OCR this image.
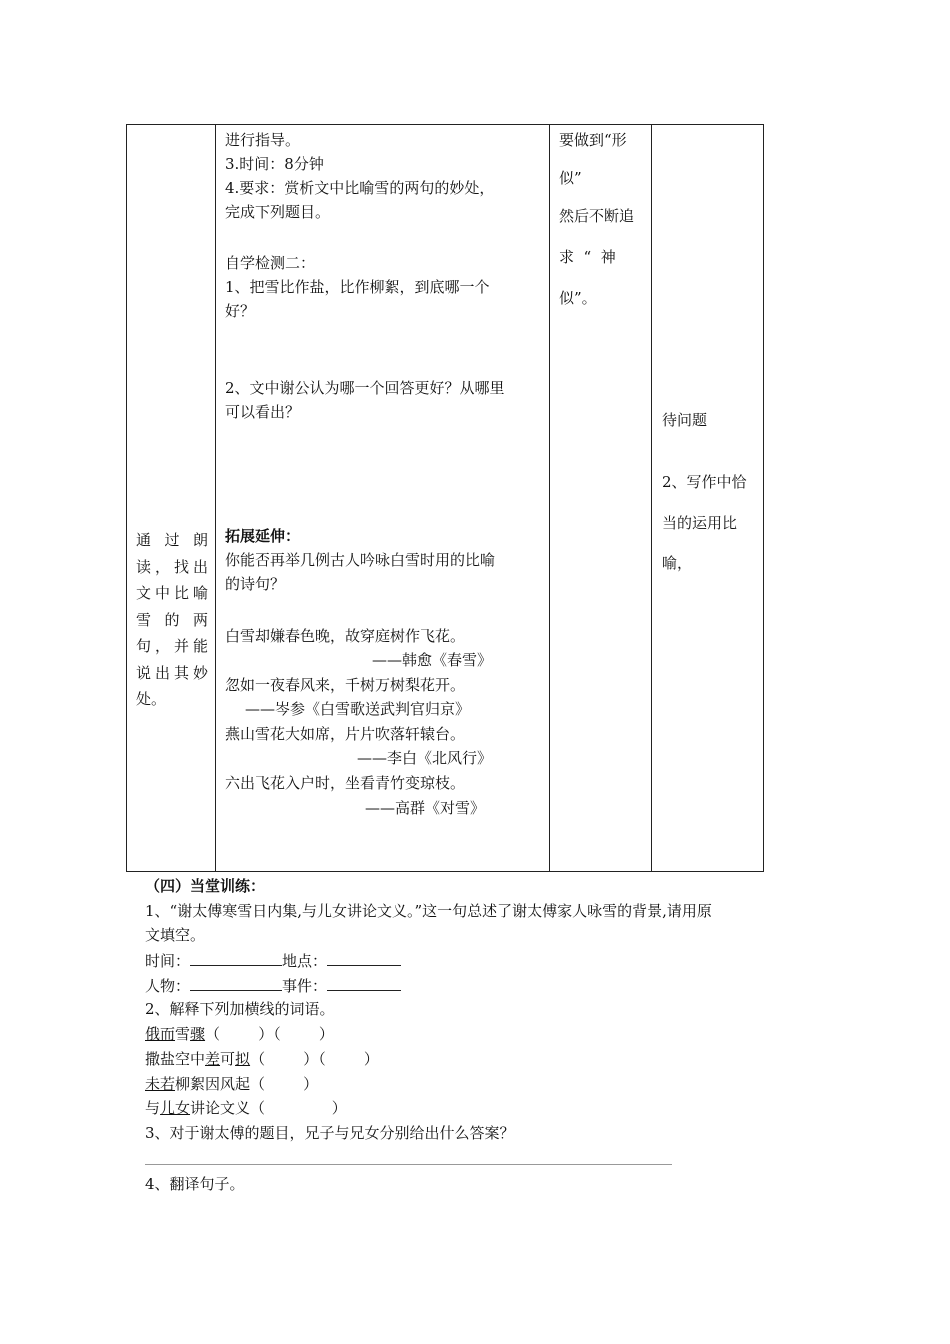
通 过 朗
读，找出
文中比喻
雪 的 两
句，并能
说出其妙
处。

进行指导。
3.时间：8分钟
4.要求：赏析文中比喻雪的两句的妙处，
完成下列题目。
自学检测二：
1、把雪比作盐，比作柳絮，到底哪一个
好？
2、文中谢公认为哪一个回答更好？从哪里
可以看出？
拓展延伸：
你能否再举几例古人吟咏白雪时用的比喻
的诗句？
白雪却嫌春色晚，故穿庭树作飞花。
——韩愈《春雪》
忽如一夜春风来，千树万树梨花开。
——岑参《白雪歌送武判官归京》
燕山雪花大如席，片片吹落轩辕台。
——李白《北风行》
六出飞花入户时，坐看青竹变琼枝。
——高群《对雪》

要做到“形
似”
然后不断追
求  “  神
似”。

待问题
2、写作中恰
当的运用比
喻，
（四）当堂训练：
1、“谢太傅寒雪日内集,与儿女讲论文义。”这一句总述了谢太傅家人咏雪的背景,请用原
文填空。
时间：	地点：
人物：	事件：
2、解释下列加横线的词语。
俄而雪骤（        ）（        ）
撒盐空中差可拟（        ）（        ）
未若柳絮因风起（        ）
与儿女讲论文义（              ）
3、对于谢太傅的题目，兄子与兄女分别给出什么答案？
4、翻译句子。
